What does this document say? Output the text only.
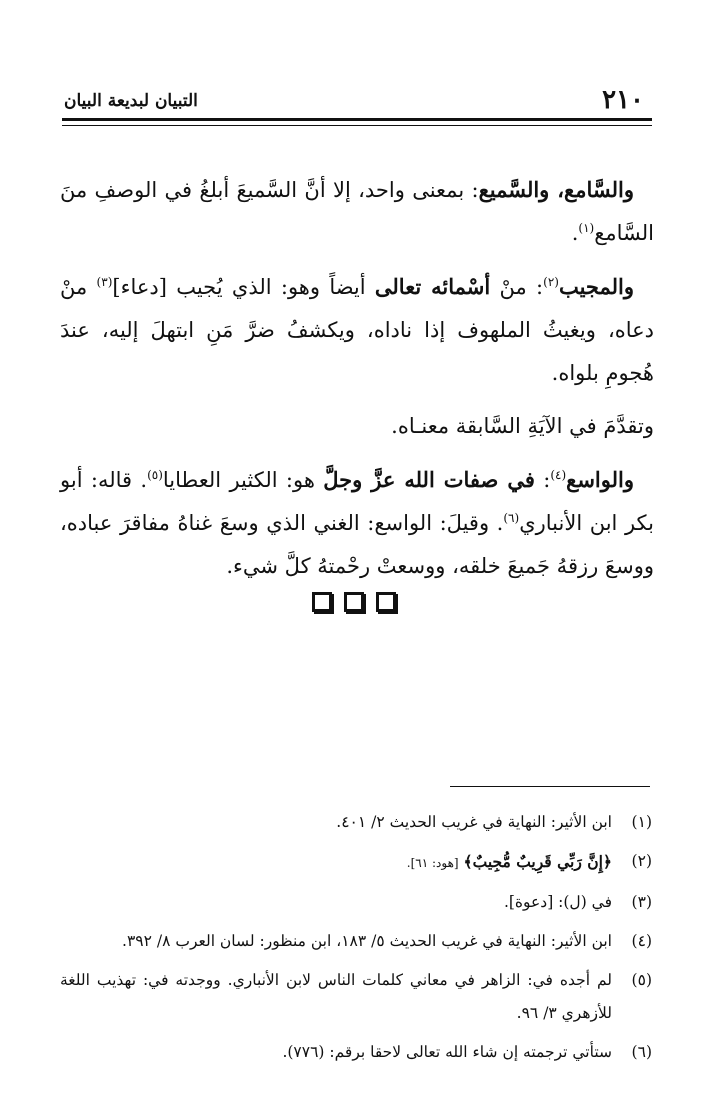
٢١٠
التبيان لبديعة البيان

والسَّامع، والسَّميع: بمعنى واحد، إلا أنَّ السَّميعَ أبلغُ في الوصفِ منَ السَّامع$^{(١)}$.

والمجيب$^{(٢)}$: منْ أسْمائه تعالى أيضاً وهو: الذي يُجيب [دعاء]$^{(٣)}$ منْ دعاه، ويغيثُ الملهوف إذا ناداه، ويكشفُ ضرَّ مَنِ ابتهلَ إليه، عندَ هُجومِ بلواه.

وتقدَّمَ في الآيَةِ السَّابقة معنـاه.

والواسع$^{(٤)}$: في صفات الله عزَّ وجلَّ هو: الكثير العطايا$^{(٥)}$. قاله: أبو بكر ابن الأنباري$^{(٦)}$. وقيلَ: الواسع: الغني الذي وسعَ غناهُ مفاقرَ عباده، ووسعَ رزقهُ جَميعَ خلقه، ووسعتْ رحْمتهُ كلَّ شيء.

(١)
ابن الأثير: النهاية في غريب الحديث ٢/ ٤٠١.
(٢)
﴿إِنَّ رَبِّي قَرِيبٌ مُّجِيبٌ﴾ [هود: ٦١].
(٣)
في (ل): [دعوة].
(٤)
ابن الأثير: النهاية في غريب الحديث ٥/ ١٨٣، ابن منظور: لسان العرب ٨/ ٣٩٢.
(٥)
لم أجده في: الزاهر في معاني كلمات الناس لابن الأنباري. ووجدته في: تهذيب اللغة للأزهري ٣/ ٩٦.
(٦)
ستأتي ترجمته إن شاء الله تعالى لاحقا برقم: (٧٧٦).
